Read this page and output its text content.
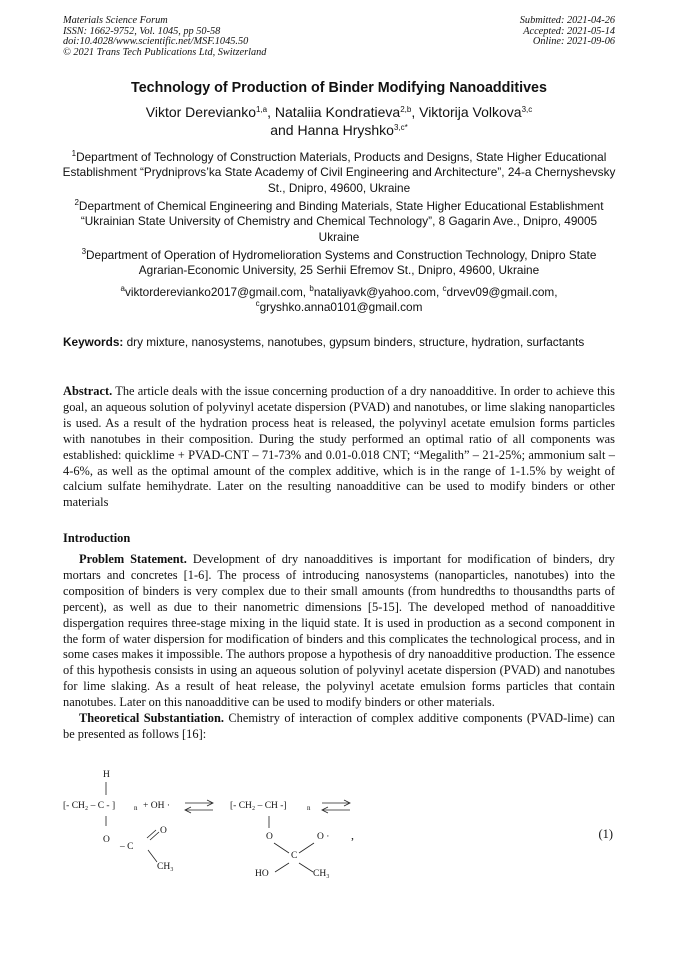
Materials Science Forum
ISSN: 1662-9752, Vol. 1045, pp 50-58
doi:10.4028/www.scientific.net/MSF.1045.50
© 2021 Trans Tech Publications Ltd, Switzerland
Submitted: 2021-04-26
Accepted: 2021-05-14
Online: 2021-09-06
Technology of Production of Binder Modifying Nanoadditives
Viktor Derevianko$^{1,a}$, Nataliia Kondratieva$^{2,b}$, Viktorija Volkova$^{3,c}$
and Hanna Hryshko$^{3,c*}$
$^1$Department of Technology of Construction Materials, Products and Designs, State Higher Educational Establishment “Prydniprovs’ka State Academy of Civil Engineering and Architecture”, 24-a Chernyshevsky St., Dnipro, 49600, Ukraine
$^2$Department of Chemical Engineering and Binding Materials, State Higher Educational Establishment “Ukrainian State University of Chemistry and Chemical Technology”, 8 Gagarin Ave., Dnipro, 49005 Ukraine
$^3$Department of Operation of Hydromelioration Systems and Construction Technology, Dnipro State Agrarian-Economic University, 25 Serhii Efremov St., Dnipro, 49600, Ukraine
$^a$viktorderevianko2017@gmail.com, $^b$nataliyavk@yahoo.com, $^c$drvev09@gmail.com,
$^c$gryshko.anna0101@gmail.com
Keywords: dry mixture, nanosystems, nanotubes, gypsum binders, structure, hydration, surfactants
Abstract. The article deals with the issue concerning production of a dry nanoadditive. In order to achieve this goal, an aqueous solution of polyvinyl acetate dispersion (PVAD) and nanotubes, or lime slaking nanoparticles is used. As a result of the hydration process heat is released, the polyvinyl acetate emulsion forms particles with nanotubes in their composition. During the study performed an optimal ratio of all components was established: quicklime + PVAD-CNT – 71-73% and 0.01-0.018 CNT; “Megalith” – 21-25%; ammonium salt – 4-6%, as well as the optimal amount of the complex additive, which is in the range of 1-1.5% by weight of calcium sulfate hemihydrate. Later on the resulting nanoadditive can be used to modify binders or other materials
Introduction

Problem Statement. Development of dry nanoadditives is important for modification of binders, dry mortars and concretes [1-6]. The process of introducing nanosystems (nanoparticles, nanotubes) into the composition of binders is very complex due to their small amounts (from hundredths to thousandths parts of percent), as well as due to their nanometric dimensions [5-15]. The developed method of nanoadditive dispergation requires three-stage mixing in the liquid state. It is used in production as a second component in the form of water dispersion for modification of binders and this complicates the technological process, and in some cases makes it impossible. The authors propose a hypothesis of dry nanoadditive production. The essence of this hypothesis consists in using an aqueous solution of polyvinyl acetate dispersion (PVAD) and nanotubes for lime slaking. As a result of heat release, the polyvinyl acetate emulsion forms particles that contain nanotubes. Later on this nanoadditive can be used to modify binders or other materials.

Theoretical Substantiation. Chemistry of interaction of complex additive components (PVAD-lime) can be presented as follows [16]:

H
[- CH₂ – C - ]	n + OH ·
O
O
– C
CH₃
[- CH₂ – CH -]	n
O	O ·
C
HO	CH₃
,	(1)
